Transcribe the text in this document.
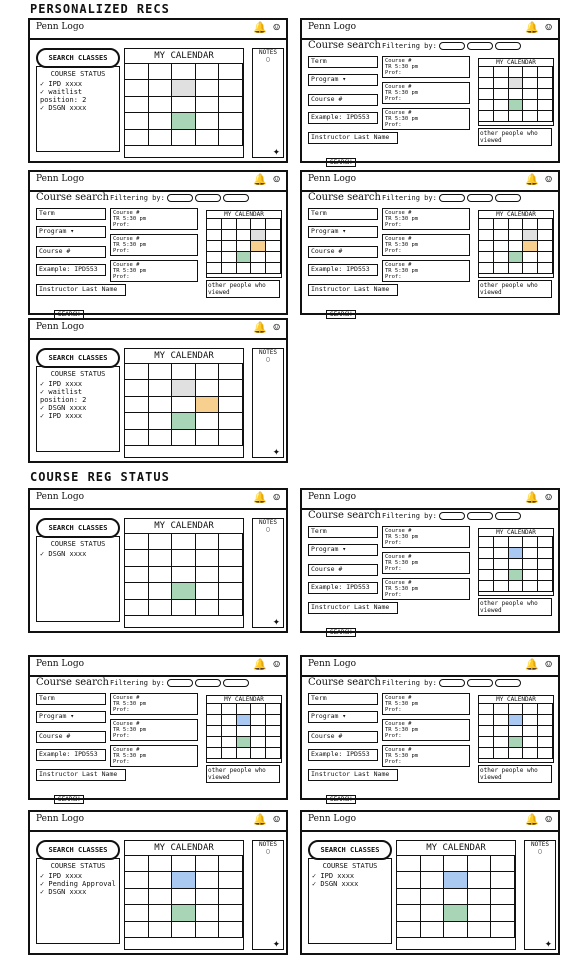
PERSONALIZED RECS
COURSE REG STATUS
Penn Logo	🔔 ☺
SEARCH CLASSES
COURSE STATUS
✓ IPD xxxx
✓ waitlist position: 2
✓ DSGN xxxx
MY CALENDAR	NOTES
▢
✦
Penn Logo	🔔 ☺
Course search Filtering by:
Term
Program ▾
Course #
Example: IPD553
Instructor Last Name
Course #
TR 5:30 pm
Prof:
Course #
TR 5:30 pm
Prof:
Course #
TR 5:30 pm
Prof:
MY CALENDAR
other people who viewed
SEARCH
Penn Logo	🔔 ☺
Course search Filtering by:
Term
Program ▾
Course #
Example: IPD553
Instructor Last Name
Course #
TR 5:30 pm
Prof:
Course #
TR 5:30 pm
Prof:
Course #
TR 5:30 pm
Prof:
MY CALENDAR
other people who viewed
SEARCH
Penn Logo	🔔 ☺
Course search Filtering by:
Term
Program ▾
Course #
Example: IPD553
Instructor Last Name
Course #
TR 5:30 pm
Prof:
Course #
TR 5:30 pm
Prof:
Course #
TR 5:30 pm
Prof:
MY CALENDAR
other people who viewed
SEARCH
Penn Logo	🔔 ☺
SEARCH CLASSES
COURSE STATUS
✓ IPD xxxx
✓ waitlist position: 2
✓ DSGN xxxx
✓ IPD xxxx
MY CALENDAR	NOTES
▢
✦
Penn Logo	🔔 ☺
SEARCH CLASSES
COURSE STATUS
✓ DSGN xxxx
MY CALENDAR	NOTES
▢
✦
Penn Logo	🔔 ☺
Course search Filtering by:
Term
Program ▾
Course #
Example: IPD553
Instructor Last Name
Course #
TR 5:30 pm
Prof:
Course #
TR 5:30 pm
Prof:
Course #
TR 5:30 pm
Prof:
MY CALENDAR
other people who viewed
SEARCH
Penn Logo	🔔 ☺
Course search Filtering by:
Term
Program ▾
Course #
Example: IPD553
Instructor Last Name
Course #
TR 5:30 pm
Prof:
Course #
TR 5:30 pm
Prof:
Course #
TR 5:30 pm
Prof:
MY CALENDAR
other people who viewed
SEARCH
Penn Logo	🔔 ☺
Course search Filtering by:
Term
Program ▾
Course #
Example: IPD553
Instructor Last Name
Course #
TR 5:30 pm
Prof:
Course #
TR 5:30 pm
Prof:
Course #
TR 5:30 pm
Prof:
MY CALENDAR
other people who viewed
SEARCH
Penn Logo	🔔 ☺
SEARCH CLASSES
COURSE STATUS
✓ IPD xxxx
✓ Pending Approval
✓ DSGN xxxx
MY CALENDAR	NOTES
▢
✦
Penn Logo	🔔 ☺
SEARCH CLASSES
COURSE STATUS
✓ IPD xxxx
✓ DSGN xxxx
MY CALENDAR	NOTES
▢
✦
